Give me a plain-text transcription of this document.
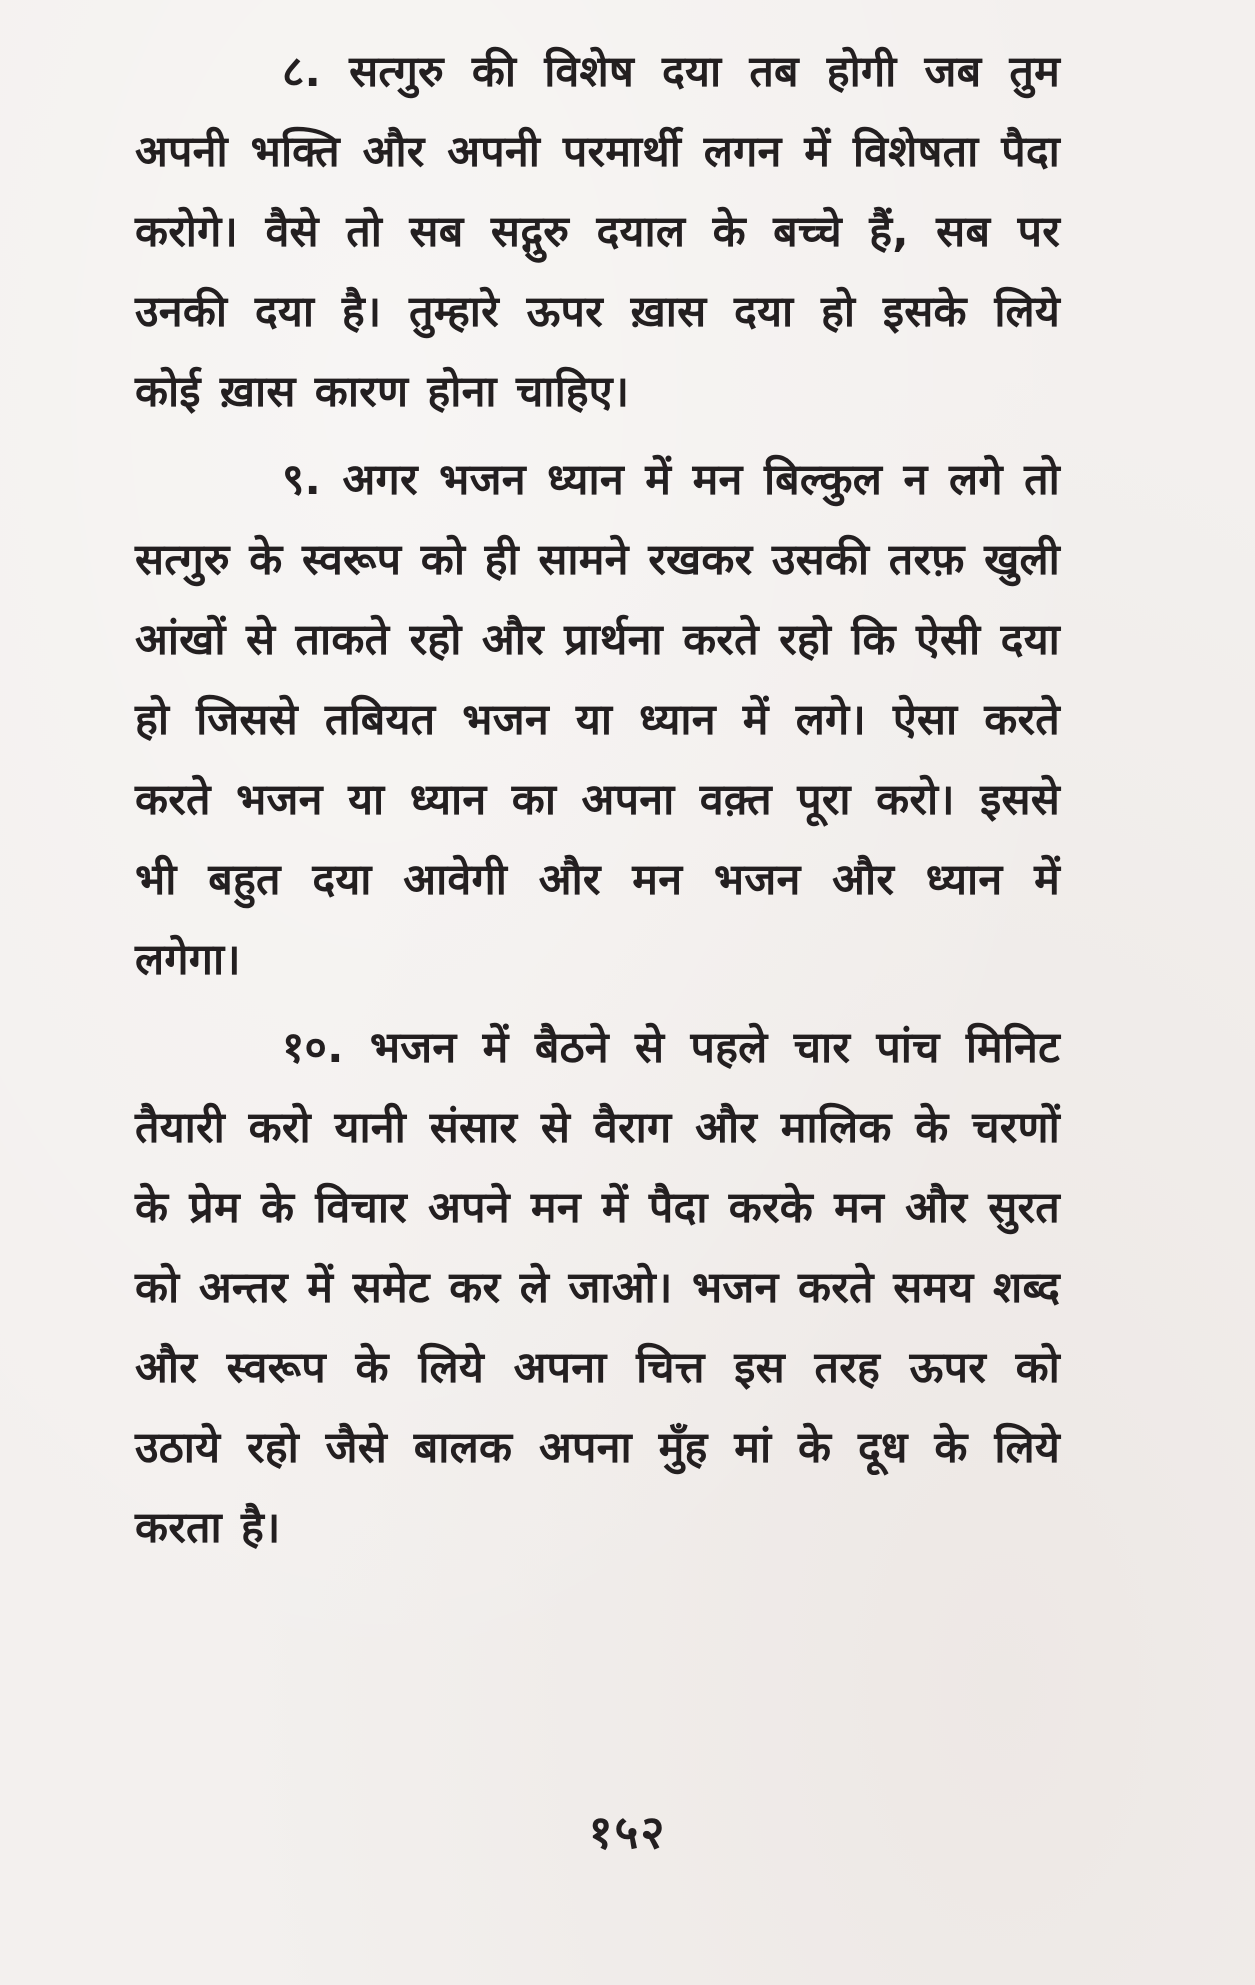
८. सत्गुरु की विशेष दया तब होगी जब तुम अपनी भक्ति और अपनी परमार्थी लगन में विशेषता पैदा करोगे। वैसे तो सब सद्गुरु दयाल के बच्चे हैं, सब पर उनकी दया है। तुम्हारे ऊपर ख़ास दया हो इसके लिये कोई ख़ास कारण होना चाहिए।

९. अगर भजन ध्यान में मन बिल्कुल न लगे तो सत्गुरु के स्वरूप को ही सामने रखकर उसकी तरफ़ खुली आंखों से ताकते रहो और प्रार्थना करते रहो कि ऐसी दया हो जिससे तबियत भजन या ध्यान में लगे। ऐसा करते करते भजन या ध्यान का अपना वक़्त पूरा करो। इससे भी बहुत दया आवेगी और मन भजन और ध्यान में लगेगा।

१०. भजन में बैठने से पहले चार पांच मिनिट तैयारी करो यानी संसार से वैराग और मालिक के चरणों के प्रेम के विचार अपने मन में पैदा करके मन और सुरत को अन्तर में समेट कर ले जाओ। भजन करते समय शब्द और स्वरूप के लिये अपना चित्त इस तरह ऊपर को उठाये रहो जैसे बालक अपना मुँह मां के दूध के लिये करता है।

१५२
